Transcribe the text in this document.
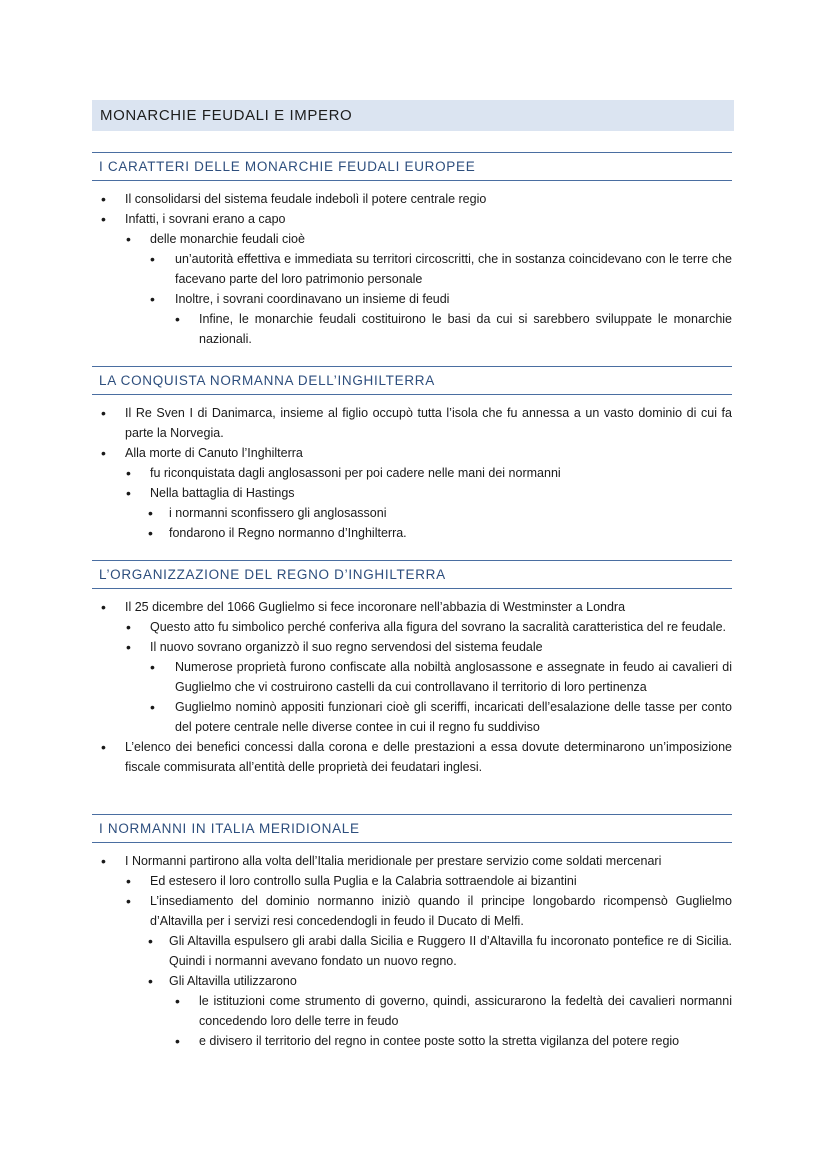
MONARCHIE FEUDALI E IMPERO
I CARATTERI DELLE MONARCHIE FEUDALI EUROPEE
• Il consolidarsi del sistema feudale indebolì il potere centrale regio
• Infatti, i sovrani erano a capo
• delle monarchie feudali cioè
• un’autorità effettiva e immediata su territori circoscritti, che in sostanza coincidevano con le terre che facevano parte del loro patrimonio personale
• Inoltre, i sovrani coordinavano un insieme di feudi
• Infine, le monarchie feudali costituirono le basi da cui si sarebbero sviluppate le monarchie nazionali.
LA CONQUISTA NORMANNA DELL’INGHILTERRA
• Il Re Sven I di Danimarca, insieme al figlio occupò tutta l’isola che fu annessa a un vasto dominio di cui fa parte la Norvegia.
• Alla morte di Canuto l’Inghilterra
• fu riconquistata dagli anglosassoni per poi cadere nelle mani dei normanni
• Nella battaglia di Hastings
• i normanni sconfissero gli anglosassoni
• fondarono il Regno normanno d’Inghilterra.
L’ORGANIZZAZIONE DEL REGNO D’INGHILTERRA
• Il 25 dicembre del 1066 Guglielmo si fece incoronare nell’abbazia di Westminster a Londra
• Questo atto fu simbolico perché conferiva alla figura del sovrano la sacralità caratteristica del re feudale.
• Il nuovo sovrano organizzò il suo regno servendosi del sistema feudale
• Numerose proprietà furono confiscate alla nobiltà anglosassone e assegnate in feudo ai cavalieri di Guglielmo che vi costruirono castelli da cui controllavano il territorio di loro pertinenza
• Guglielmo nominò appositi funzionari cioè gli sceriffi, incaricati dell’esalazione delle tasse per conto del potere centrale nelle diverse contee in cui il regno fu suddiviso
• L’elenco dei benefici concessi dalla corona e delle prestazioni a essa dovute determinarono un’imposizione fiscale commisurata all’entità delle proprietà dei feudatari inglesi.
I NORMANNI IN ITALIA MERIDIONALE
• I Normanni partirono alla volta dell’Italia meridionale per prestare servizio come soldati mercenari
• Ed estesero il loro controllo sulla Puglia e la Calabria sottraendole ai bizantini
• L’insediamento del dominio normanno iniziò quando il principe longobardo ricompensò Guglielmo d’Altavilla per i servizi resi concedendogli in feudo il Ducato di Melfi.
• Gli Altavilla espulsero gli arabi dalla Sicilia e Ruggero II d’Altavilla fu incoronato pontefice re di Sicilia. Quindi i normanni avevano fondato un nuovo regno.
• Gli Altavilla utilizzarono
• le istituzioni come strumento di governo, quindi, assicurarono la fedeltà dei cavalieri normanni concedendo loro delle terre in feudo
• e divisero il territorio del regno in contee poste sotto la stretta vigilanza del potere regio
